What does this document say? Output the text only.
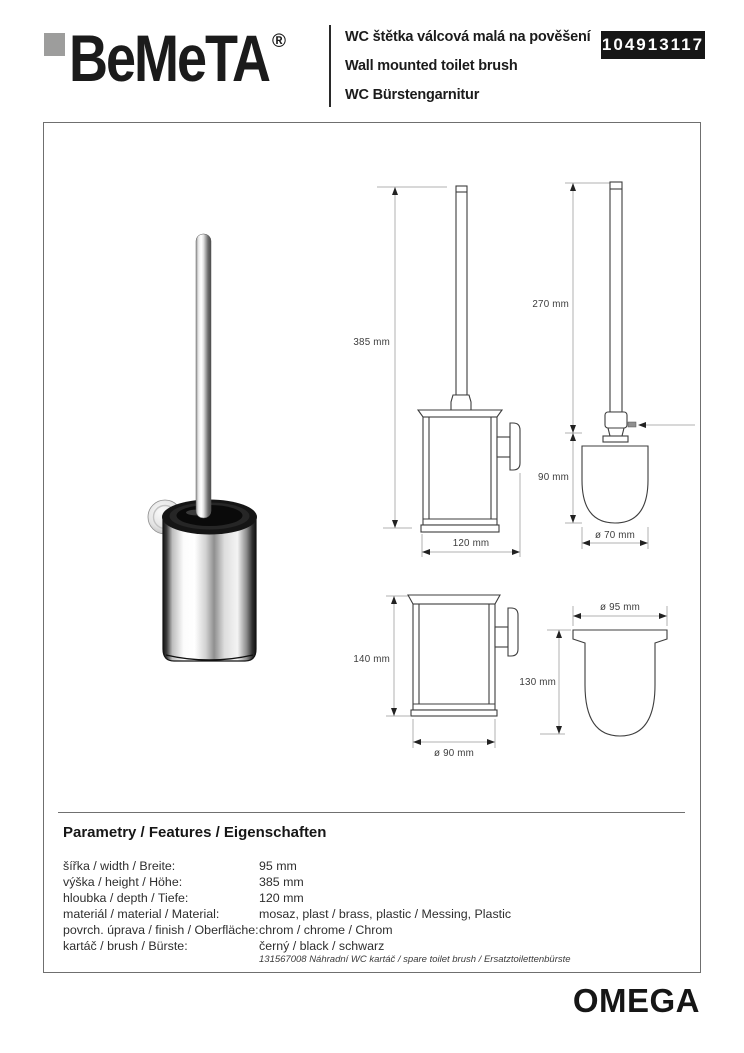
BeMeTA ®	WC štětka válcová malá na pověšení
Wall mounted toilet brush
WC Bürstengarnitur
104913117
385 mm
120 mm
270 mm
90 mm
ø 70 mm
140 mm
ø 90 mm
ø 95 mm
130 mm
Parametry / Features / Eigenschaften
šířka / width / Breite:	95 mm
výška / height / Höhe:	385 mm
hloubka / depth / Tiefe:	120 mm
materiál / material / Material:	mosaz, plast / brass, plastic / Messing, Plastic
povrch. úprava / finish / Oberfläche: chrom / chrome / Chrom
kartáč / brush / Bürste:	černý / black / schwarz
131567008 Náhradní WC kartáč / spare toilet brush / Ersatztoilettenbürste
OMEGA
